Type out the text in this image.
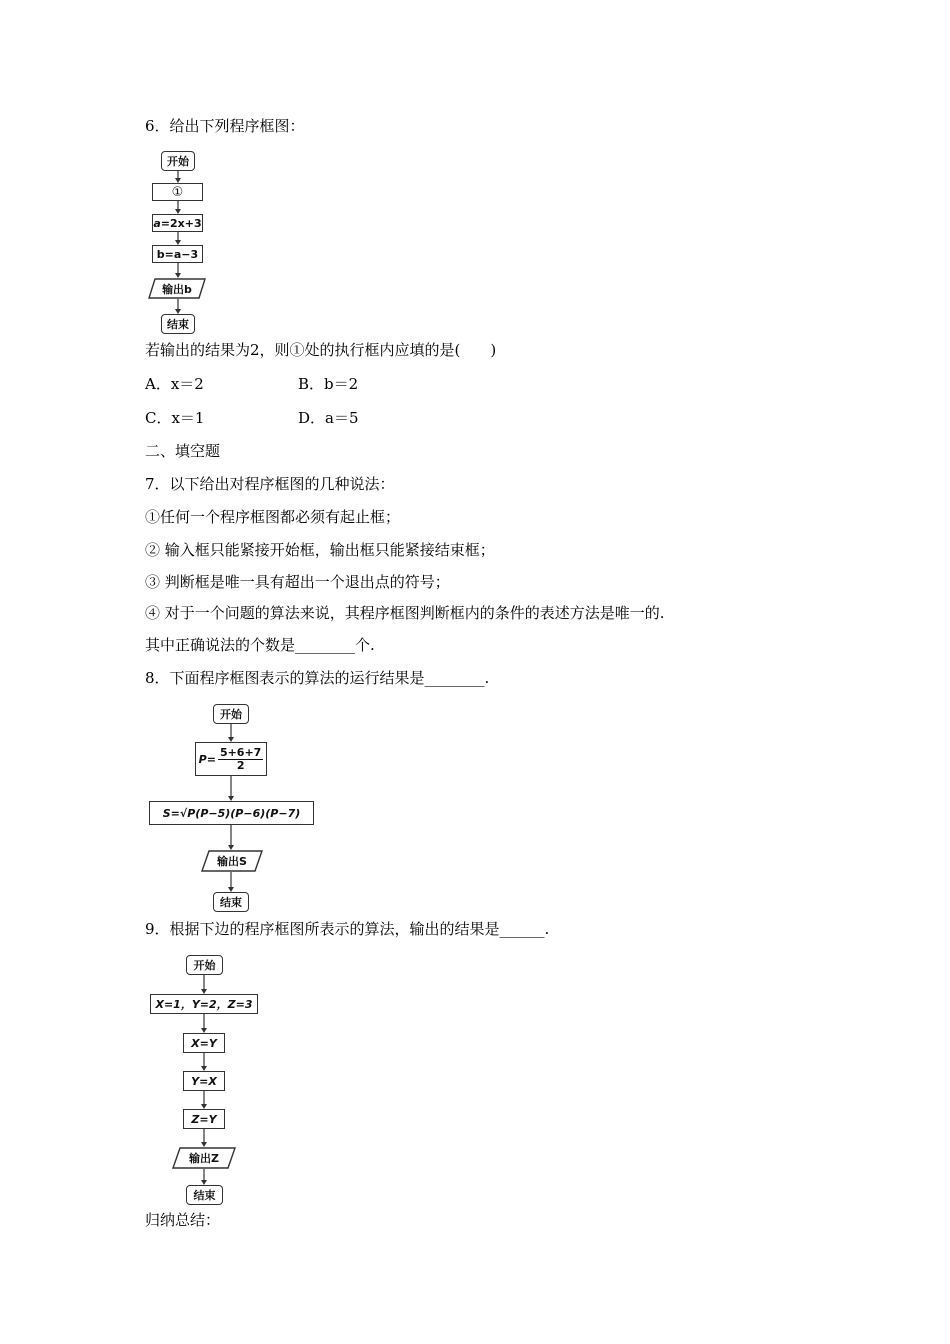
6．给出下列程序框图：
开始
①
a =2x+3
b=a−3
输出b
结束
若输出的结果为2，则①处的执行框内应填的是(　　)
A．x＝2	B．b＝2
C．x＝1	D．a＝5
二、填空题
7．以下给出对程序框图的几种说法：
①任何一个程序框图都必须有起止框；
② 输入框只能紧接开始框，输出框只能紧接结束框；
③ 判断框是唯一具有超出一个退出点的符号；
④ 对于一个问题的算法来说，其程序框图判断框内的条件的表述方法是唯一的.
其中正确说法的个数是________个.
8．下面程序框图表示的算法的运行结果是________.
开始
$P= \frac{5+6+7}{2}$
S=√P(P−5)(P−6)(P−7)
输出S
结束
9．根据下边的程序框图所表示的算法，输出的结果是______.
开始
X=1，Y=2，Z=3
X=Y
Y=X
Z=Y
输出Z
结束
归纳总结：
